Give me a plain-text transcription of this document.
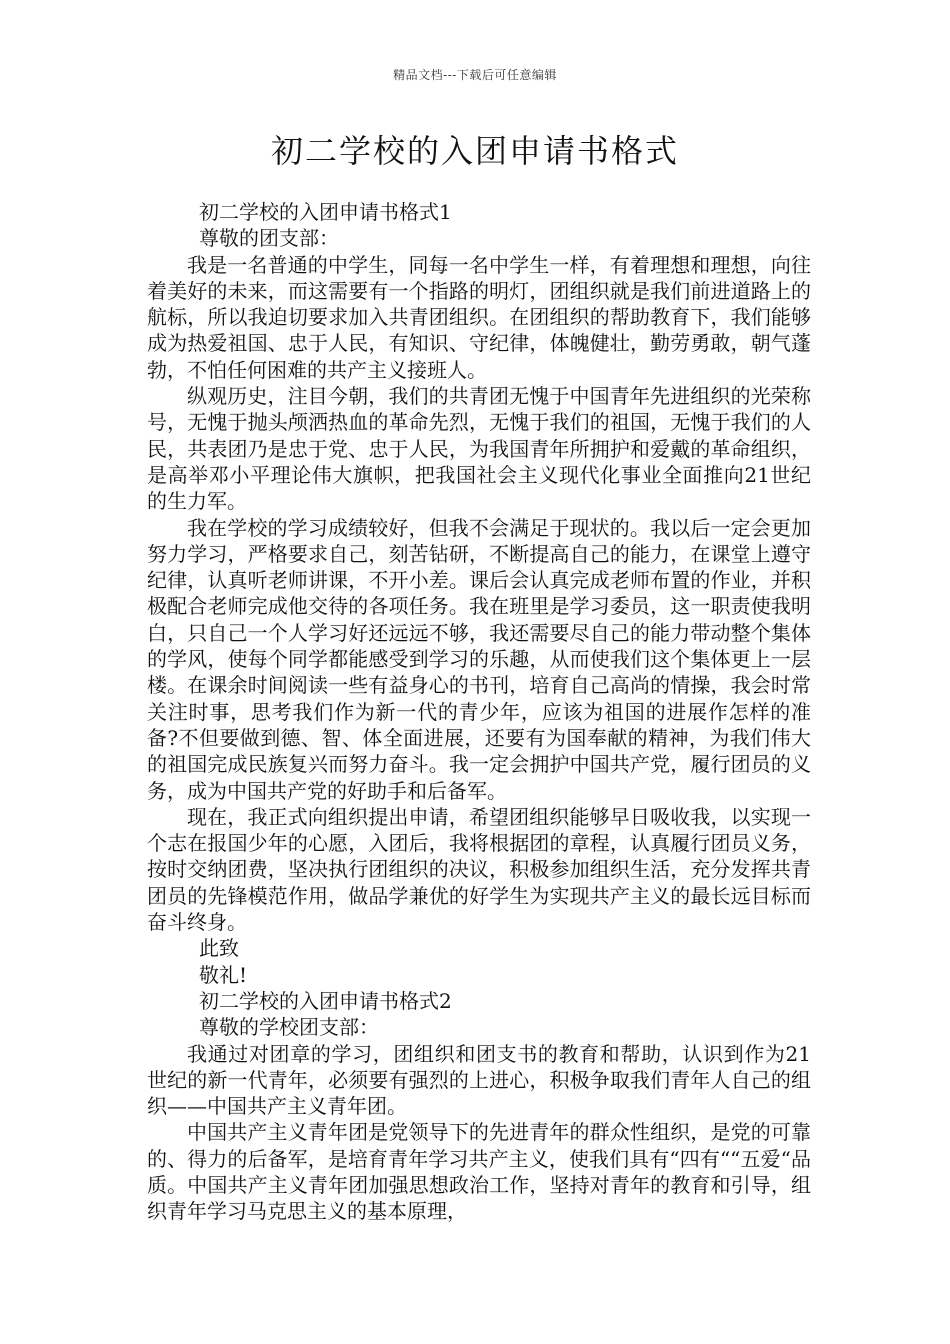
精品文档---下载后可任意编辑
初二学校的入团申请书格式

初二学校的入团申请书格式1

尊敬的团支部：

我是一名普通的中学生，同每一名中学生一样，有着理想和理想，向往着美好的未来，而这需要有一个指路的明灯，团组织就是我们前进道路上的航标，所以我迫切要求加入共青团组织。在团组织的帮助教育下，我们能够成为热爱祖国、忠于人民，有知识、守纪律，体魄健壮，勤劳勇敢，朝气蓬勃，不怕任何困难的共产主义接班人。

纵观历史，注目今朝，我们的共青团无愧于中国青年先进组织的光荣称号，无愧于抛头颅洒热血的革命先烈，无愧于我们的祖国，无愧于我们的人民，共表团乃是忠于党、忠于人民，为我国青年所拥护和爱戴的革命组织，是高举邓小平理论伟大旗帜，把我国社会主义现代化事业全面推向21世纪的生力军。

我在学校的学习成绩较好，但我不会满足于现状的。我以后一定会更加努力学习，严格要求自己，刻苦钻研，不断提高自己的能力，在课堂上遵守纪律，认真听老师讲课，不开小差。课后会认真完成老师布置的作业，并积极配合老师完成他交待的各项任务。我在班里是学习委员，这一职责使我明白，只自己一个人学习好还远远不够，我还需要尽自己的能力带动整个集体的学风，使每个同学都能感受到学习的乐趣，从而使我们这个集体更上一层楼。在课余时间阅读一些有益身心的书刊，培育自己高尚的情操，我会时常关注时事，思考我们作为新一代的青少年，应该为祖国的进展作怎样的准备?不但要做到德、智、体全面进展，还要有为国奉献的精神，为我们伟大的祖国完成民族复兴而努力奋斗。我一定会拥护中国共产党，履行团员的义务，成为中国共产党的好助手和后备军。

现在，我正式向组织提出申请，希望团组织能够早日吸收我，以实现一个志在报国少年的心愿，入团后，我将根据团的章程，认真履行团员义务，按时交纳团费，坚决执行团组织的决议，积极参加组织生活，充分发挥共青团员的先锋模范作用，做品学兼优的好学生为实现共产主义的最长远目标而奋斗终身。

此致

敬礼!

初二学校的入团申请书格式2

尊敬的学校团支部：

我通过对团章的学习，团组织和团支书的教育和帮助，认识到作为21世纪的新一代青年，必须要有强烈的上进心，积极争取我们青年人自己的组织——中国共产主义青年团。

中国共产主义青年团是党领导下的先进青年的群众性组织，是党的可靠的、得力的后备军，是培育青年学习共产主义，使我们具有“四有““五爱“品质。中国共产主义青年团加强思想政治工作，坚持对青年的教育和引导，组织青年学习马克思主义的基本原理，
